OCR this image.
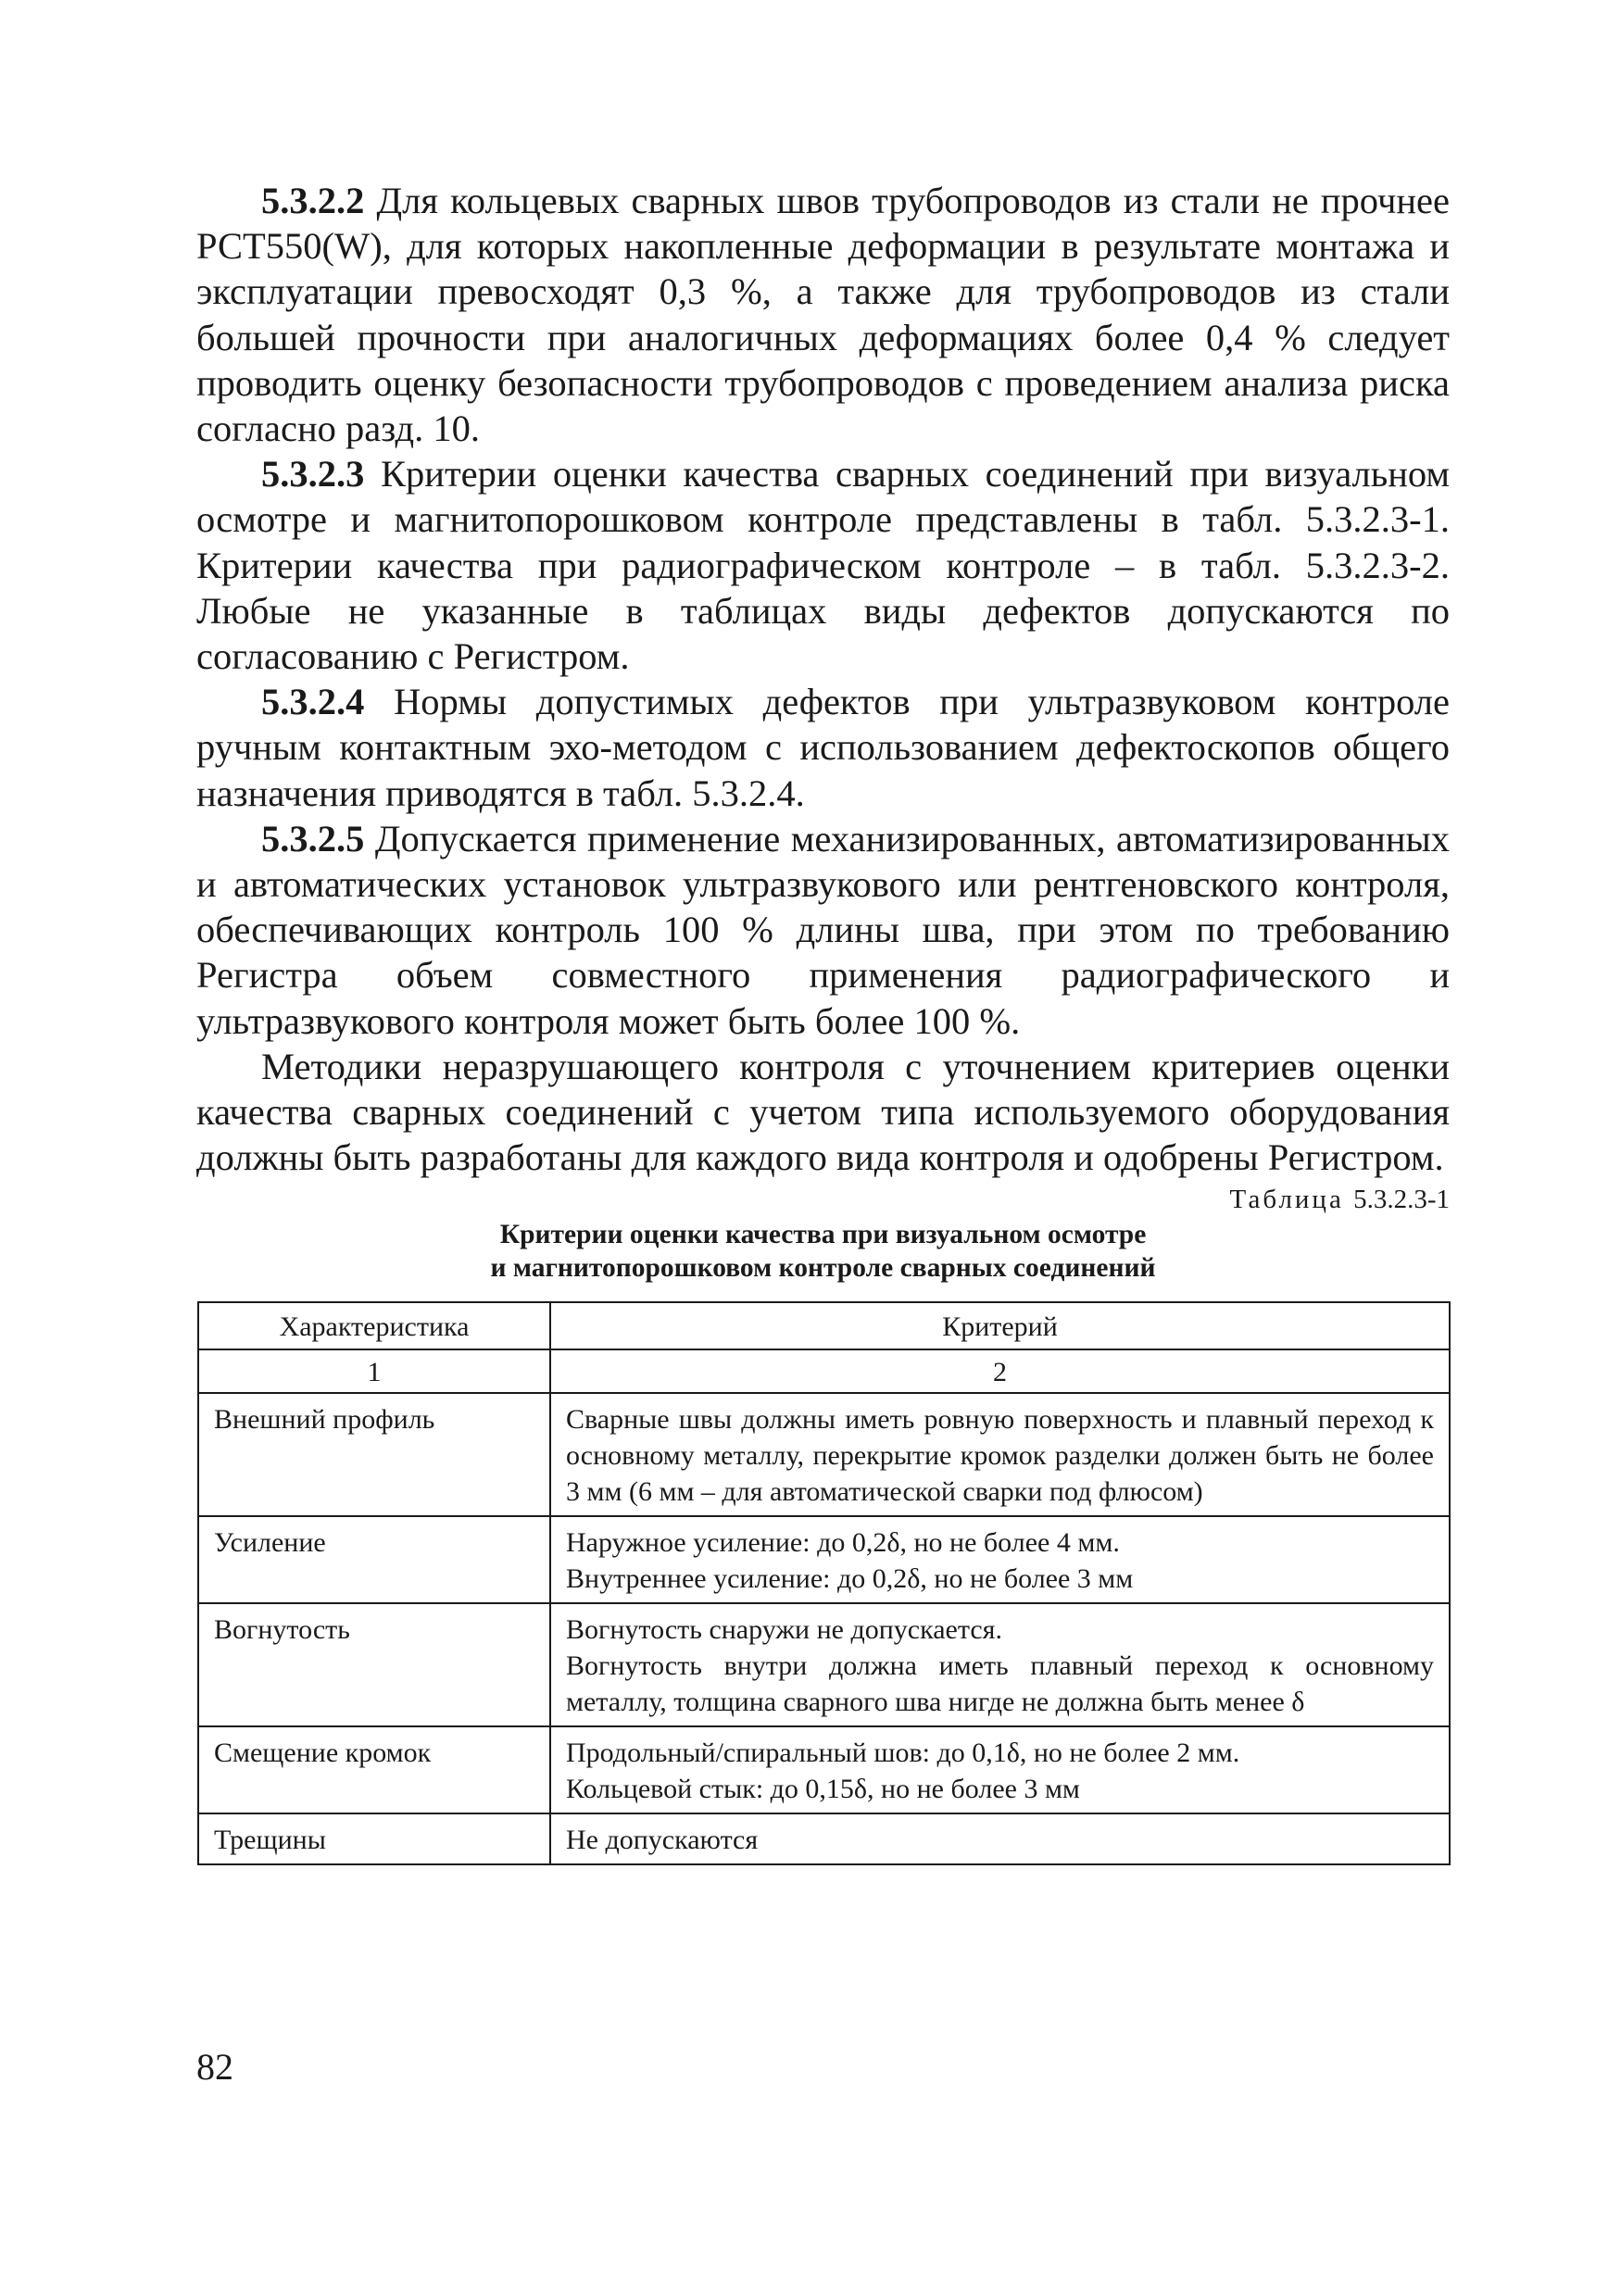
5.3.2.2 Для кольцевых сварных швов трубопроводов из стали не прочнее РСТ550(W), для которых накопленные деформации в результате монтажа и эксплуатации превосходят 0,3 %, а также для трубопроводов из стали большей прочности при аналогичных деформациях более 0,4 % следует проводить оценку безопасности трубопроводов с проведением анализа риска согласно разд. 10.

5.3.2.3 Критерии оценки качества сварных соединений при визуальном осмотре и магнитопорошковом контроле представлены в табл. 5.3.2.3-1. Критерии качества при радиографическом контроле – в табл. 5.3.2.3-2. Любые не указанные в таблицах виды дефектов допускаются по согласованию с Регистром.

5.3.2.4 Нормы допустимых дефектов при ультразвуковом контроле ручным контактным эхо-методом с использованием дефектоскопов общего назначения приводятся в табл. 5.3.2.4.

5.3.2.5 Допускается применение механизированных, автоматизированных и автоматических установок ультразвукового или рентгеновского контроля, обеспечивающих контроль 100 % длины шва, при этом по требованию Регистра объем совместного применения радиографического и ультразвукового контроля может быть более 100 %.

Методики неразрушающего контроля с уточнением критериев оценки качества сварных соединений с учетом типа используемого оборудования должны быть разработаны для каждого вида контроля и одобрены Регистром.

Таблица 5.3.2.3-1
Критерии оценки качества при визуальном осмотре
и магнитопорошковом контроле сварных соединений
Характеристика	Критерий
1	2
Внешний профиль	Сварные швы должны иметь ровную поверхность и плавный переход к основному металлу, перекрытие кромок разделки должен быть не более 3 мм (6 мм – для автоматической сварки под флюсом)

Усиление	Наружное усиление: до 0,2δ, но не более 4 мм.
Внутреннее усиление: до 0,2δ, но не более 3 мм

Вогнутость	Вогнутость снаружи не допускается.
Вогнутость внутри должна иметь плавный переход к основному металлу, толщина сварного шва нигде не должна быть менее δ

Смещение кромок	Продольный/спиральный шов: до 0,1δ, но не более 2 мм.
Кольцевой стык: до 0,15δ, но не более 3 мм

Трещины	Не допускаются
82
